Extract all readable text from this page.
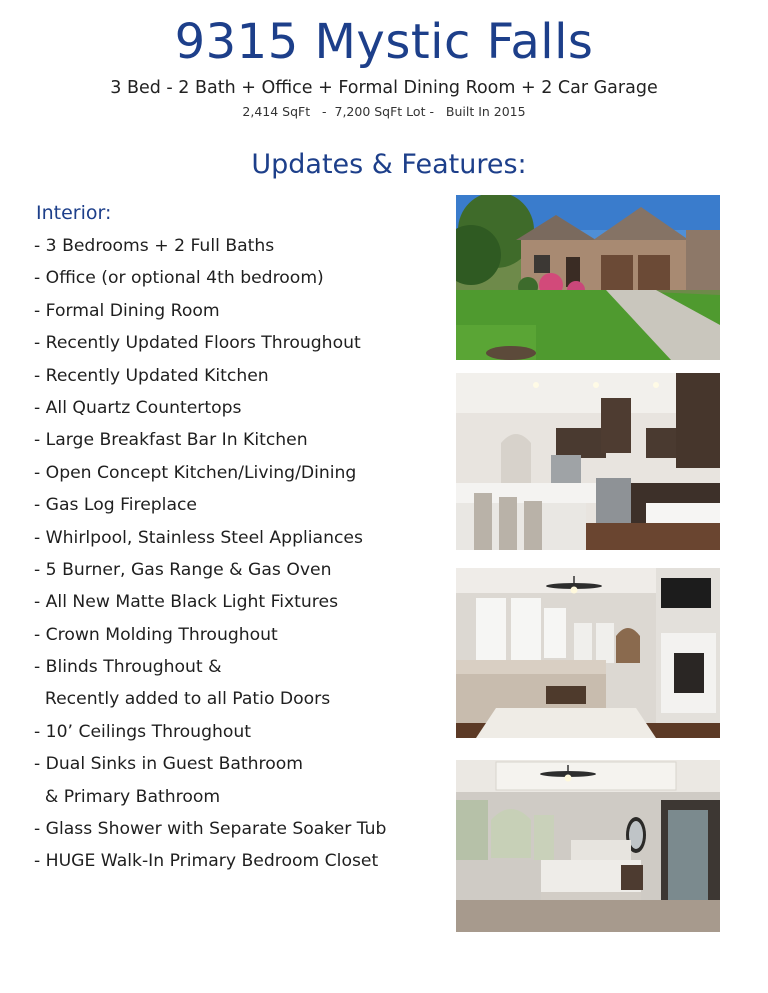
9315 Mystic Falls
3 Bed - 2 Bath + Office + Formal Dining Room + 2 Car Garage
2,414 SqFt   -  7,200 SqFt Lot -   Built In 2015
Updates & Features:
Interior:
- 3 Bedrooms + 2 Full Baths
- Office (or optional 4th bedroom)
- Formal Dining Room
- Recently Updated Floors Throughout
- Recently Updated Kitchen
- All Quartz Countertops
- Large Breakfast Bar In Kitchen
- Open Concept Kitchen/Living/Dining
- Gas Log Fireplace
- Whirlpool, Stainless Steel Appliances
- 5 Burner, Gas Range & Gas Oven
- All New Matte Black Light Fixtures
- Crown Molding Throughout
- Blinds Throughout &
Recently added to all Patio Doors
- 10’ Ceilings Throughout
- Dual Sinks in Guest Bathroom
& Primary Bathroom
- Glass Shower with Separate Soaker Tub
- HUGE Walk-In Primary Bedroom Closet
